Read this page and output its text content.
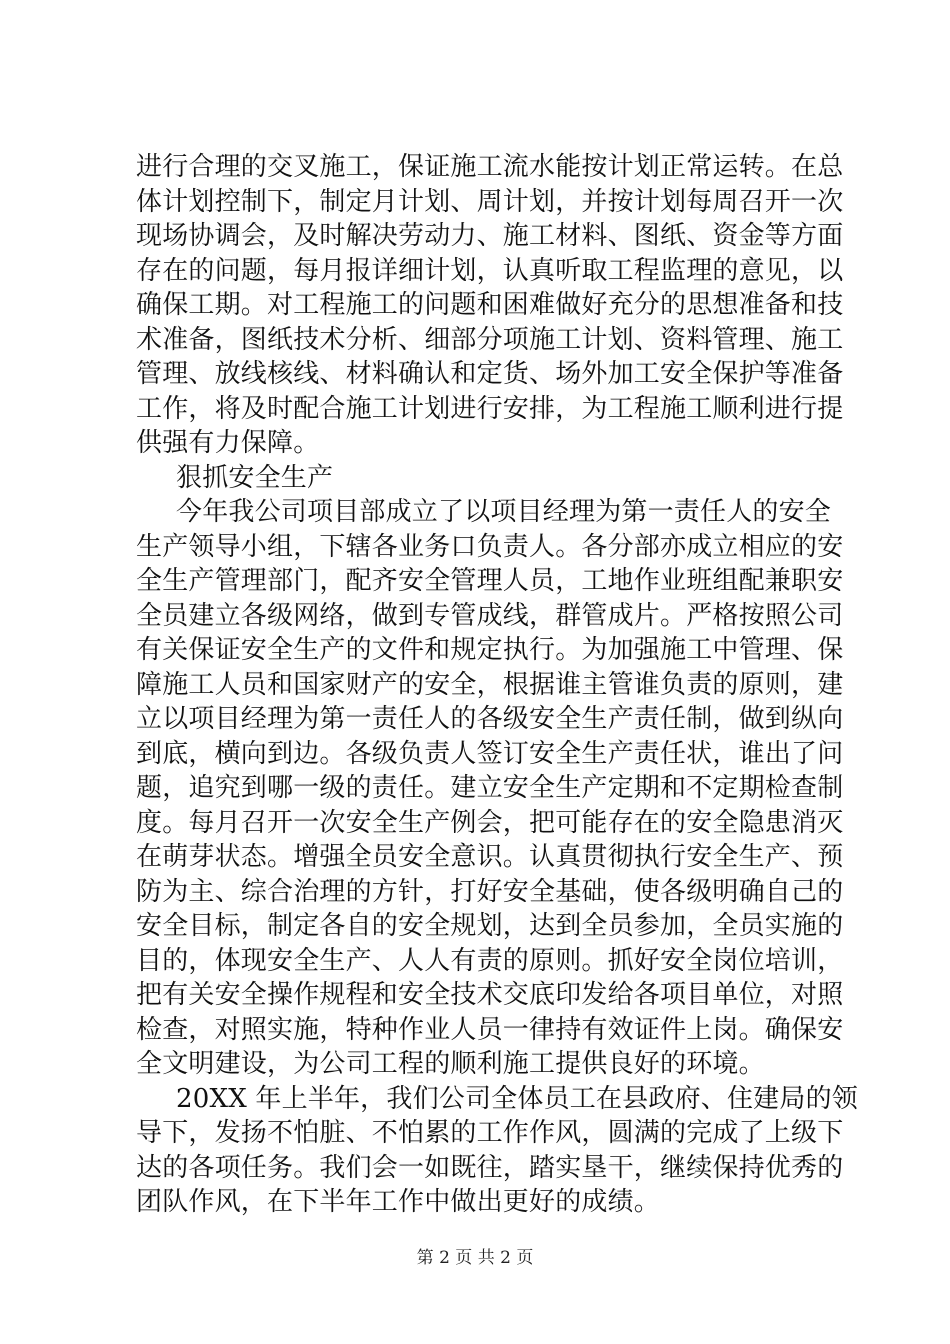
进行合理的交叉施工，保证施工流水能按计划正常运转。在总
体计划控制下，制定月计划、周计划，并按计划每周召开一次
现场协调会，及时解决劳动力、施工材料、图纸、资金等方面
存在的问题，每月报详细计划，认真听取工程监理的意见，以
确保工期。对工程施工的问题和困难做好充分的思想准备和技
术准备，图纸技术分析、细部分项施工计划、资料管理、施工
管理、放线核线、材料确认和定货、场外加工安全保护等准备
工作，将及时配合施工计划进行安排，为工程施工顺利进行提
供强有力保障。
狠抓安全生产
今年我公司项目部成立了以项目经理为第一责任人的安全
生产领导小组，下辖各业务口负责人。各分部亦成立相应的安
全生产管理部门，配齐安全管理人员，工地作业班组配兼职安
全员建立各级网络，做到专管成线，群管成片。严格按照公司
有关保证安全生产的文件和规定执行。为加强施工中管理、保
障施工人员和国家财产的安全，根据谁主管谁负责的原则，建
立以项目经理为第一责任人的各级安全生产责任制，做到纵向
到底，横向到边。各级负责人签订安全生产责任状，谁出了问
题，追究到哪一级的责任。建立安全生产定期和不定期检查制
度。每月召开一次安全生产例会，把可能存在的安全隐患消灭
在萌芽状态。增强全员安全意识。认真贯彻执行安全生产、预
防为主、综合治理的方针，打好安全基础，使各级明确自己的
安全目标，制定各自的安全规划，达到全员参加，全员实施的
目的，体现安全生产、人人有责的原则。抓好安全岗位培训，
把有关安全操作规程和安全技术交底印发给各项目单位，对照
检查，对照实施，特种作业人员一律持有效证件上岗。确保安
全文明建设，为公司工程的顺利施工提供良好的环境。
20XX 年上半年，我们公司全体员工在县政府、住建局的领
导下，发扬不怕脏、不怕累的工作作风，圆满的完成了上级下
达的各项任务。我们会一如既往，踏实垦干，继续保持优秀的
团队作风，在下半年工作中做出更好的成绩。
第 2 页 共 2 页
